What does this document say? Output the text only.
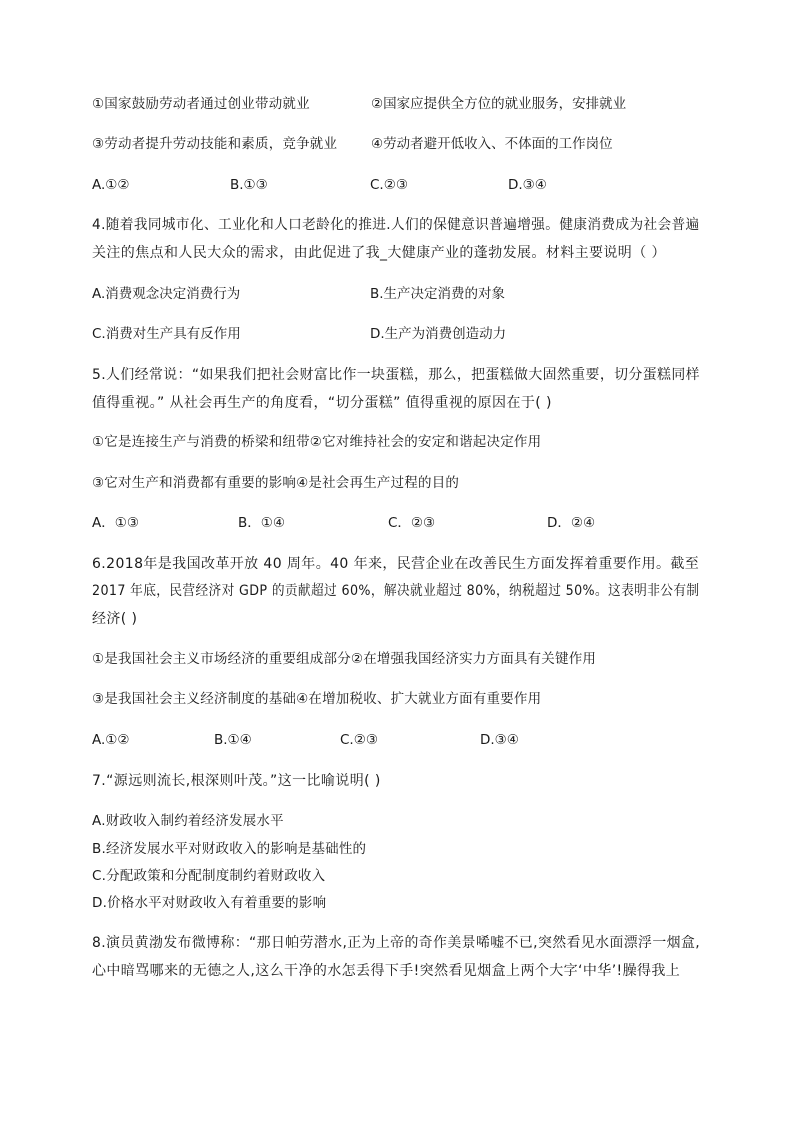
①国家鼓励劳动者通过创业带动就业	②国家应提供全方位的就业服务，安排就业
③劳动者提升劳动技能和素质，竞争就业	④劳动者避开低收入、不体面的工作岗位
A.①②	B.①③	C.②③	D.③④
4.随着我同城市化、工业化和人口老龄化的推进.人们的保健意识普遍增强。健康消费成为社会普遍
关注的焦点和人民大众的需求，由此促进了我_大健康产业的蓬勃发展。材料主要说明（ ）
A.消费观念决定消费行为	B.生产决定消费的对象
C.消费对生产具有反作用	D.生产为消费创造动力
5.人们经常说：“如果我们把社会财富比作一块蛋糕，那么，把蛋糕做大固然重要，切分蛋糕同样
值得重视。” 从社会再生产的角度看，“切分蛋糕” 值得重视的原因在于( )
①它是连接生产与消费的桥梁和纽带②它对维持社会的安定和谐起决定作用
③它对生产和消费都有重要的影响④是社会再生产过程的目的
A．①③	B．①④	C．②③	D．②④
6.2018年是我国改革开放 40 周年。40 年来，民营企业在改善民生方面发挥着重要作用。截至
2017 年底，民营经济对 GDP 的贡献超过 60%，解决就业超过 80%，纳税超过 50%。这表明非公有制
经济( )
①是我国社会主义市场经济的重要组成部分②在增强我国经济实力方面具有关键作用
③是我国社会主义经济制度的基础④在增加税收、扩大就业方面有重要作用
A.①②	B.①④	C.②③	D.③④
7.“源远则流长,根深则叶茂。”这一比喻说明( )
A.财政收入制约着经济发展水平
B.经济发展水平对财政收入的影响是基础性的
C.分配政策和分配制度制约着财政收入
D.价格水平对财政收入有着重要的影响
8.演员黄渤发布微博称：“那日帕劳潜水,正为上帝的奇作美景唏嘘不已,突然看见水面漂浮一烟盒,
心中暗骂哪来的无德之人,这么干净的水怎丢得下手!突然看见烟盒上两个大字‘中华’!臊得我上
